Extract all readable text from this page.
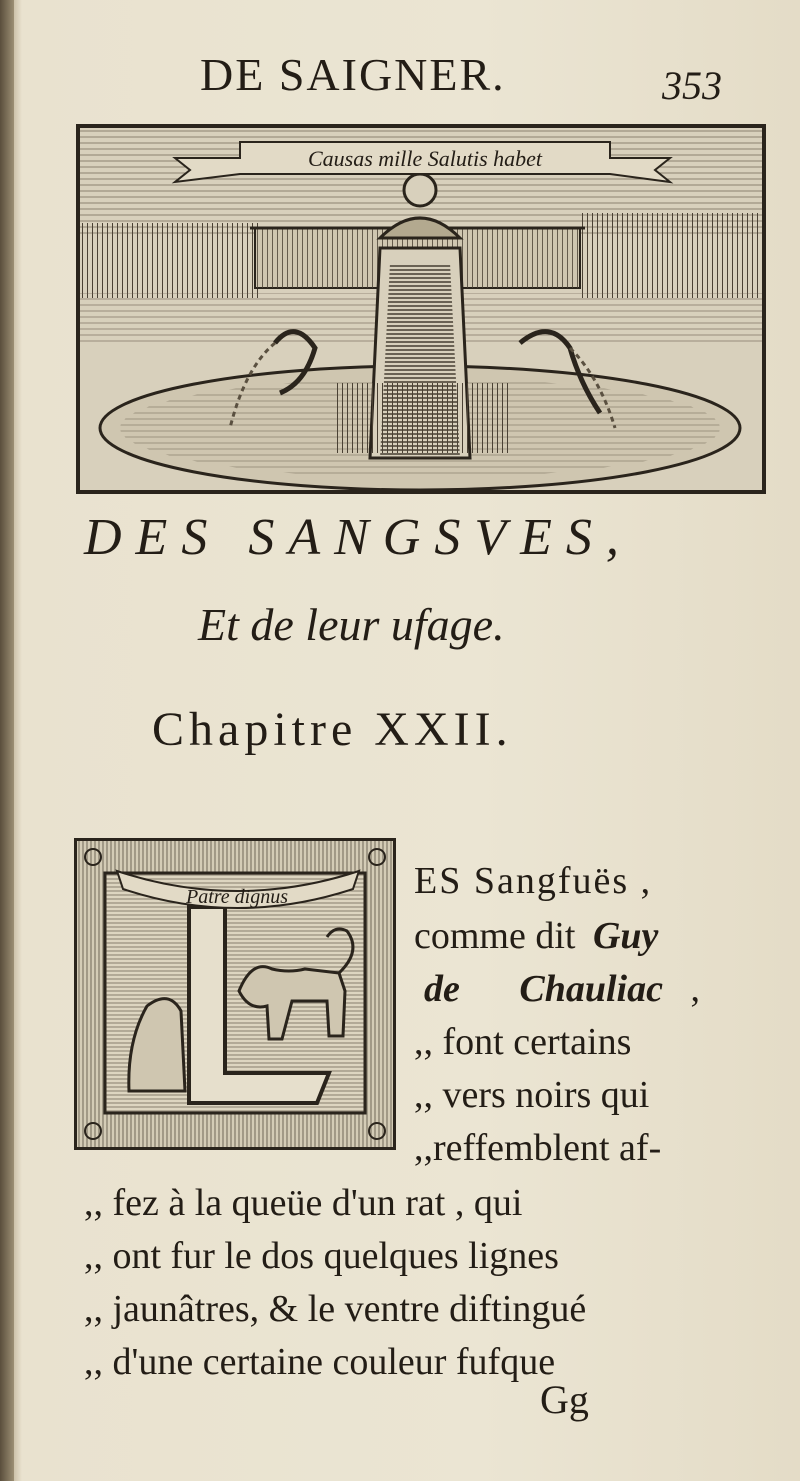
DE SAIGNER.	353
Causas mille Salutis habet
DES SANGSVES,
Et de leur ufage.
Chapitre XXII.
Patre dignus	ES Sangfuës ,
comme dit Guy
de Chauliac ,
,, font certains
,, vers noirs qui
,,reffemblent af-
,, fez à la queüe d'un rat , qui
,, ont fur le dos quelques lignes
,, jaunâtres, & le ventre diftingué
,, d'une certaine couleur fufque
Gg
